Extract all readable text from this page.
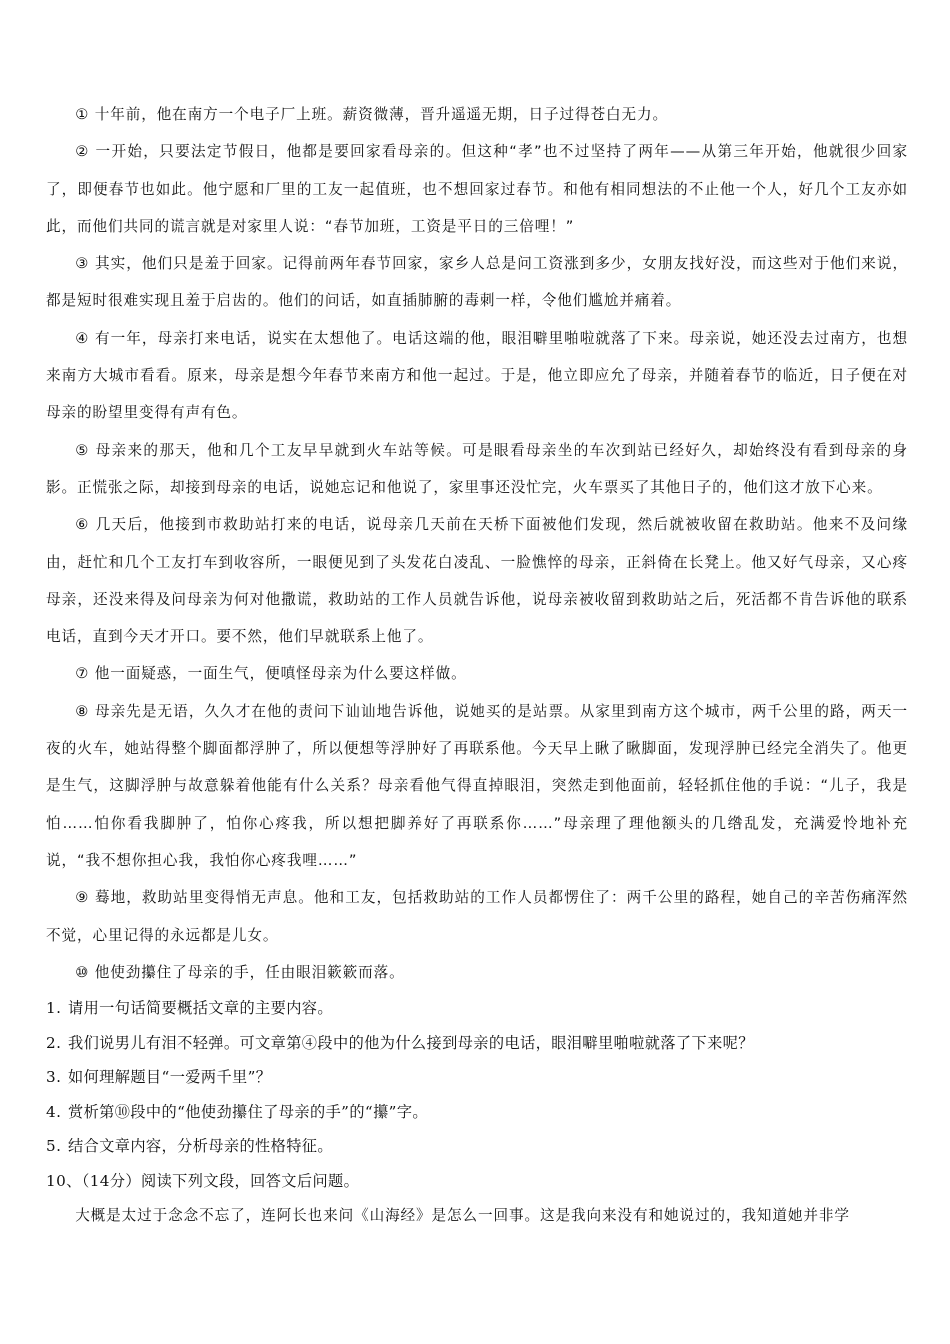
① 十年前，他在南方一个电子厂上班。薪资微薄，晋升遥遥无期，日子过得苍白无力。

② 一开始，只要法定节假日，他都是要回家看母亲的。但这种“孝”也不过坚持了两年——从第三年开始，他就很少回家了，即便春节也如此。他宁愿和厂里的工友一起值班，也不想回家过春节。和他有相同想法的不止他一个人，好几个工友亦如此，而他们共同的谎言就是对家里人说：“春节加班，工资是平日的三倍哩！”

③ 其实，他们只是羞于回家。记得前两年春节回家，家乡人总是问工资涨到多少，女朋友找好没，而这些对于他们来说，都是短时很难实现且羞于启齿的。他们的问话，如直插肺腑的毒刺一样，令他们尴尬并痛着。

④ 有一年，母亲打来电话，说实在太想他了。电话这端的他，眼泪噼里啪啦就落了下来。母亲说，她还没去过南方，也想来南方大城市看看。原来，母亲是想今年春节来南方和他一起过。于是，他立即应允了母亲，并随着春节的临近，日子便在对母亲的盼望里变得有声有色。

⑤ 母亲来的那天，他和几个工友早早就到火车站等候。可是眼看母亲坐的车次到站已经好久，却始终没有看到母亲的身影。正慌张之际，却接到母亲的电话，说她忘记和他说了，家里事还没忙完，火车票买了其他日子的，他们这才放下心来。

⑥ 几天后，他接到市救助站打来的电话，说母亲几天前在天桥下面被他们发现，然后就被收留在救助站。他来不及问缘由，赶忙和几个工友打车到收容所，一眼便见到了头发花白凌乱、一脸憔悴的母亲，正斜倚在长凳上。他又好气母亲，又心疼母亲，还没来得及问母亲为何对他撒谎，救助站的工作人员就告诉他，说母亲被收留到救助站之后，死活都不肯告诉他的联系电话，直到今天才开口。要不然，他们早就联系上他了。

⑦ 他一面疑惑，一面生气，便嗔怪母亲为什么要这样做。

⑧ 母亲先是无语，久久才在他的责问下讪讪地告诉他，说她买的是站票。从家里到南方这个城市，两千公里的路，两天一夜的火车，她站得整个脚面都浮肿了，所以便想等浮肿好了再联系他。今天早上瞅了瞅脚面，发现浮肿已经完全消失了。他更是生气，这脚浮肿与故意躲着他能有什么关系？母亲看他气得直掉眼泪，突然走到他面前，轻轻抓住他的手说：“儿子，我是怕……怕你看我脚肿了，怕你心疼我，所以想把脚养好了再联系你……”母亲理了理他额头的几绺乱发，充满爱怜地补充说，“我不想你担心我，我怕你心疼我哩……”

⑨ 蓦地，救助站里变得悄无声息。他和工友，包括救助站的工作人员都愣住了：两千公里的路程，她自己的辛苦伤痛浑然不觉，心里记得的永远都是儿女。

⑩ 他使劲攥住了母亲的手，任由眼泪簌簌而落。

1. 请用一句话简要概括文章的主要内容。

2. 我们说男儿有泪不轻弹。可文章第④段中的他为什么接到母亲的电话，眼泪噼里啪啦就落了下来呢？

3. 如何理解题目“一爱两千里”？

4. 赏析第⑩段中的“他使劲攥住了母亲的手”的“攥”字。

5. 结合文章内容，分析母亲的性格特征。

10、（14分）阅读下列文段，回答文后问题。

大概是太过于念念不忘了，连阿长也来问《山海经》是怎么一回事。这是我向来没有和她说过的，我知道她并非学
